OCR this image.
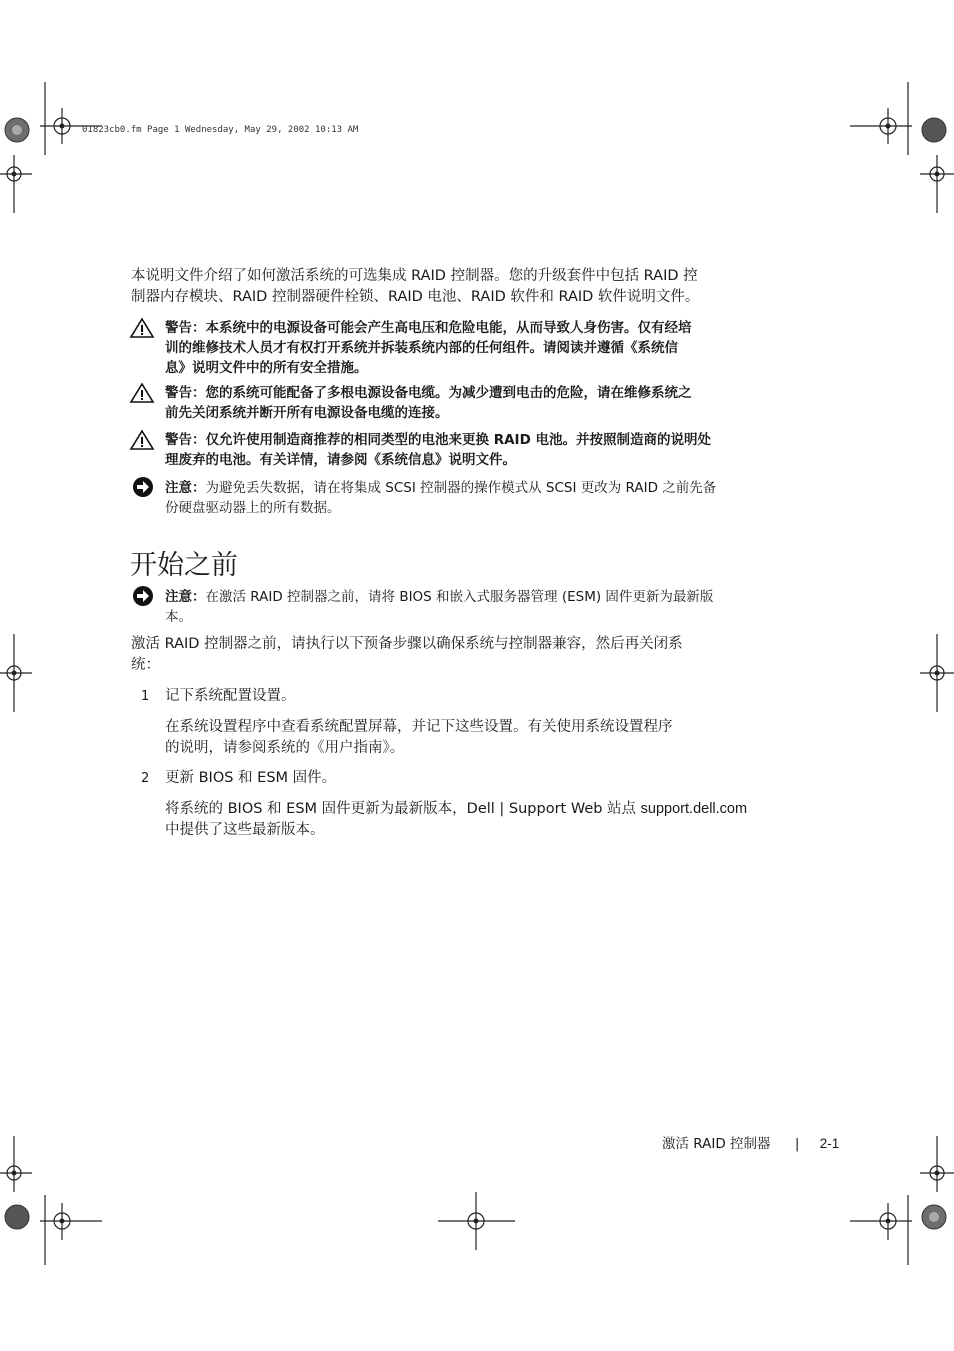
01823cb0.fm Page 1 Wednesday, May 29, 2002 10:13 AM
本说明文件介绍了如何激活系统的可选集成 RAID 控制器。您的升级套件中包括 RAID 控
制器内存模块、RAID 控制器硬件栓锁、RAID 电池、RAID 软件和 RAID 软件说明文件。
警告：本系统中的电源设备可能会产生高电压和危险电能，从而导致人身伤害。仅有经培
训的维修技术人员才有权打开系统并拆装系统内部的任何组件。请阅读并遵循《系统信
息》说明文件中的所有安全措施。
警告：您的系统可能配备了多根电源设备电缆。为减少遭到电击的危险，请在维修系统之
前先关闭系统并断开所有电源设备电缆的连接。
警告：仅允许使用制造商推荐的相同类型的电池来更换 RAID 电池。并按照制造商的说明处
理废弃的电池。有关详情，请参阅《系统信息》说明文件。
注意：为避免丢失数据，请在将集成 SCSI 控制器的操作模式从 SCSI 更改为 RAID 之前先备
份硬盘驱动器上的所有数据。
开始之前
注意：在激活 RAID 控制器之前，请将 BIOS 和嵌入式服务器管理 (ESM) 固件更新为最新版
本。
激活 RAID 控制器之前，请执行以下预备步骤以确保系统与控制器兼容，然后再关闭系
统：
1 记下系统配置设置。
在系统设置程序中查看系统配置屏幕，并记下这些设置。有关使用系统设置程序
的说明，请参阅系统的《用户指南》。
2 更新 BIOS 和 ESM 固件。
将系统的 BIOS 和 ESM 固件更新为最新版本，Dell | Support Web 站点 support.dell.com
中提供了这些最新版本。
激活 RAID 控制器 | 2-1
